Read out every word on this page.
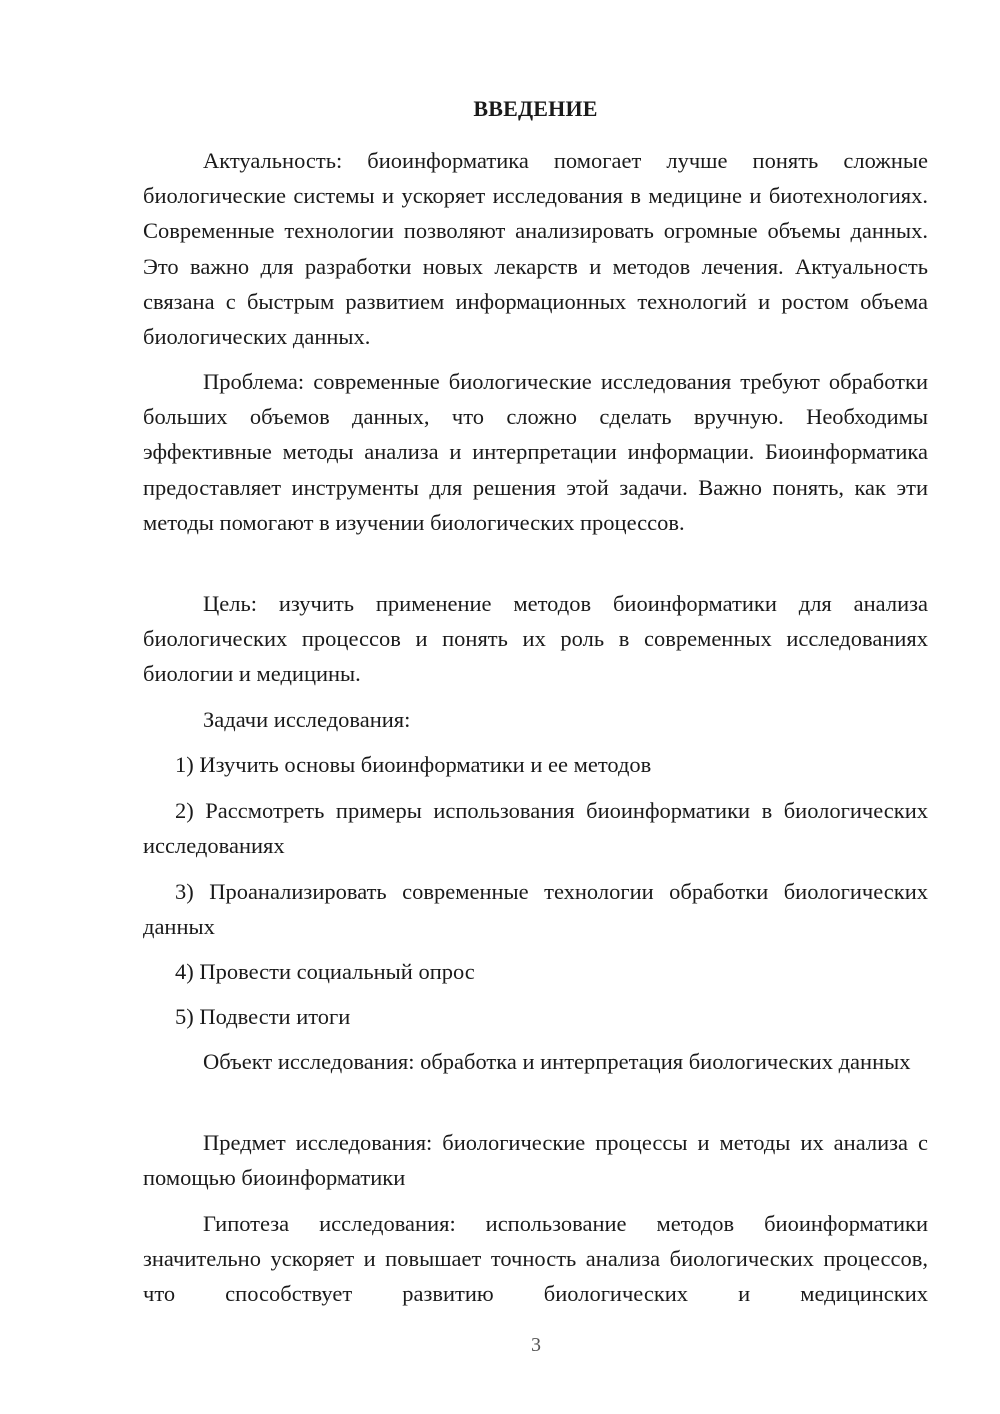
ВВЕДЕНИЕ

Актуальность: биоинформатика помогает лучше понять сложные биологические системы и ускоряет исследования в медицине и биотехнологиях. Современные технологии позволяют анализировать огромные объемы данных. Это важно для разработки новых лекарств и методов лечения. Актуальность связана с быстрым развитием информационных технологий и ростом объема биологических данных.

Проблема: современные биологические исследования требуют обработки больших объемов данных, что сложно сделать вручную. Необходимы эффективные методы анализа и интерпретации информации. Биоинформатика предоставляет инструменты для решения этой задачи. Важно понять, как эти методы помогают в изучении биологических процессов.

Цель: изучить применение методов биоинформатики для анализа биологических процессов и понять их роль в современных исследованиях биологии и медицины.

Задачи исследования:

1) Изучить основы биоинформатики и ее методов

2) Рассмотреть примеры использования биоинформатики в биологических исследованиях

3) Проанализировать современные технологии обработки биологических данных

4) Провести социальный опрос

5) Подвести итоги

Объект исследования: обработка и интерпретация биологических данных

Предмет исследования: биологические процессы и методы их анализа с помощью биоинформатики

Гипотеза исследования: использование методов биоинформатики значительно ускоряет и повышает точность анализа биологических процессов, что способствует развитию биологических и медицинских

3
